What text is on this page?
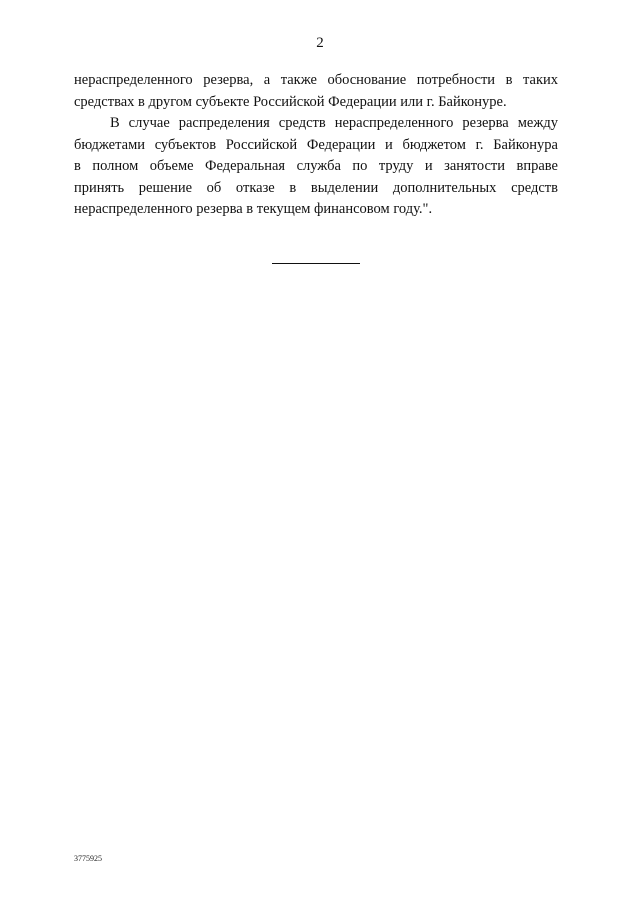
2

нераспределенного резерва, а также обоснование потребности в таких
средствах в другом субъекте Российской Федерации или г. Байконуре.

В случае распределения средств нераспределенного резерва между
бюджетами субъектов Российской Федерации и бюджетом г. Байконура
в полном объеме Федеральная служба по труду и занятости вправе
принять решение об отказе в выделении дополнительных средств
нераспределенного резерва в текущем финансовом году.".

3775925
